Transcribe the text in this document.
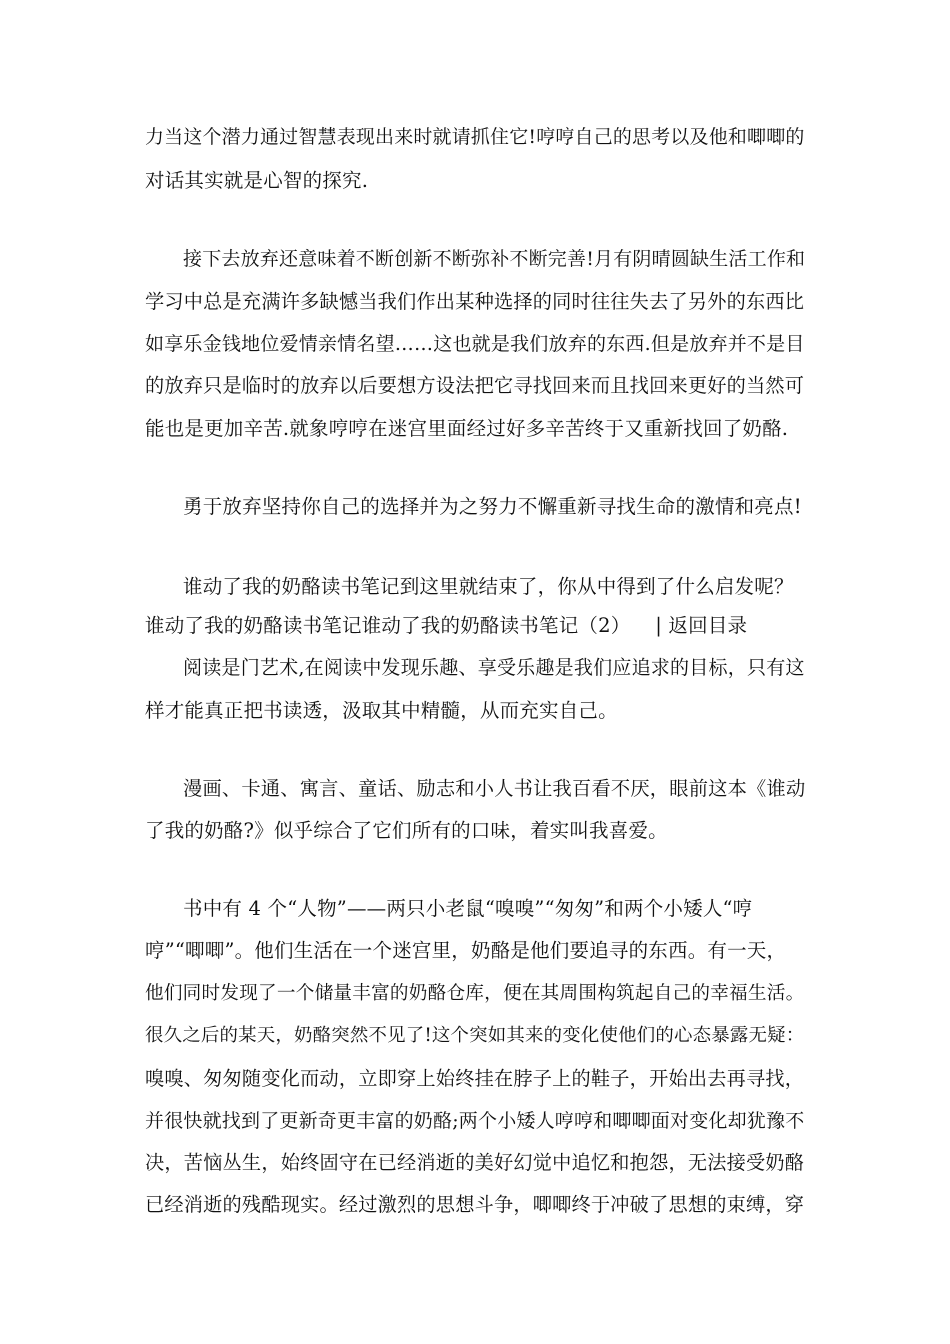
力当这个潜力通过智慧表现出来时就请抓住它!哼哼自己的思考以及他和唧唧的
对话其实就是心智的探究.
接下去放弃还意味着不断创新不断弥补不断完善!月有阴晴圆缺生活工作和
学习中总是充满许多缺憾当我们作出某种选择的同时往往失去了另外的东西比
如享乐金钱地位爱情亲情名望……这也就是我们放弃的东西.但是放弃并不是目
的放弃只是临时的放弃以后要想方设法把它寻找回来而且找回来更好的当然可
能也是更加辛苦.就象哼哼在迷宫里面经过好多辛苦终于又重新找回了奶酪.
勇于放弃坚持你自己的选择并为之努力不懈重新寻找生命的激情和亮点!
谁动了我的奶酪读书笔记到这里就结束了，你从中得到了什么启发呢？
谁动了我的奶酪读书笔记谁动了我的奶酪读书笔记（2） | 返回目录
阅读是门艺术,在阅读中发现乐趣、享受乐趣是我们应追求的目标，只有这
样才能真正把书读透，汲取其中精髓，从而充实自己。
漫画、卡通、寓言、童话、励志和小人书让我百看不厌，眼前这本《谁动
了我的奶酪?》似乎综合了它们所有的口味，着实叫我喜爱。
书中有 4 个“人物”——两只小老鼠“嗅嗅”“匆匆”和两个小矮人“哼
哼”“唧唧”。他们生活在一个迷宫里，奶酪是他们要追寻的东西。有一天，
他们同时发现了一个储量丰富的奶酪仓库，便在其周围构筑起自己的幸福生活。
很久之后的某天，奶酪突然不见了!这个突如其来的变化使他们的心态暴露无疑：
嗅嗅、匆匆随变化而动，立即穿上始终挂在脖子上的鞋子，开始出去再寻找，
并很快就找到了更新奇更丰富的奶酪;两个小矮人哼哼和唧唧面对变化却犹豫不
决，苦恼丛生，始终固守在已经消逝的美好幻觉中追忆和抱怨，无法接受奶酪
已经消逝的残酷现实。经过激烈的思想斗争，唧唧终于冲破了思想的束缚，穿
